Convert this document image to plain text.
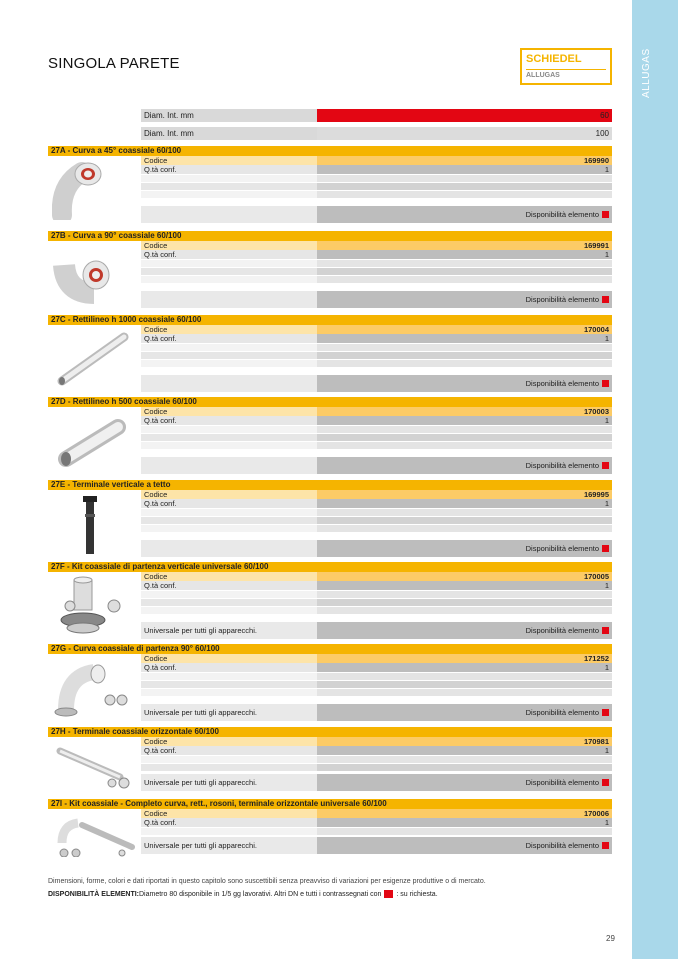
ALLUGAS
SINGOLA PARETE	SCHIEDEL
ALLUGAS
Diam. Int. mm	60
Diam. Int. mm	100
27A - Curva a 45° coassiale 60/100
Codice	169990
Q.tà conf.	1
Disponibilità elemento
27B - Curva a 90° coassiale 60/100
Codice	169991
Q.tà conf.	1
Disponibilità elemento
27C - Rettilineo h 1000 coassiale 60/100
Codice	170004
Q.tà conf.	1
Disponibilità elemento
27D - Rettilineo h 500 coassiale 60/100
Codice	170003
Q.tà conf.	1
Disponibilità elemento
27E - Terminale verticale a tetto
Codice	169995
Q.tà conf.	1
Disponibilità elemento
27F - Kit coassiale di partenza verticale universale 60/100
Codice	170005
Q.tà conf.	1
Universale per tutti gli apparecchi.	Disponibilità elemento
27G - Curva coassiale di partenza 90° 60/100
Codice	171252
Q.tà conf.	1
Universale per tutti gli apparecchi.	Disponibilità elemento
27H - Terminale coassiale orizzontale 60/100
Codice	170981
Q.tà conf.	1
Universale per tutti gli apparecchi.	Disponibilità elemento
27I - Kit coassiale - Completo curva, rett., rosoni, terminale orizzontale universale 60/100
Codice	170006
Q.tà conf.	1
Universale per tutti gli apparecchi.	Disponibilità elemento
Dimensioni, forme, colori e dati riportati in questo capitolo sono suscettibili senza preavviso di variazioni per esigenze produttive o di mercato.
DISPONIBILITÀ ELEMENTI: Diametro 80 disponibile in 1/5 gg lavorativi. Altri DN e tutti i contrassegnati con : su richiesta.
29
